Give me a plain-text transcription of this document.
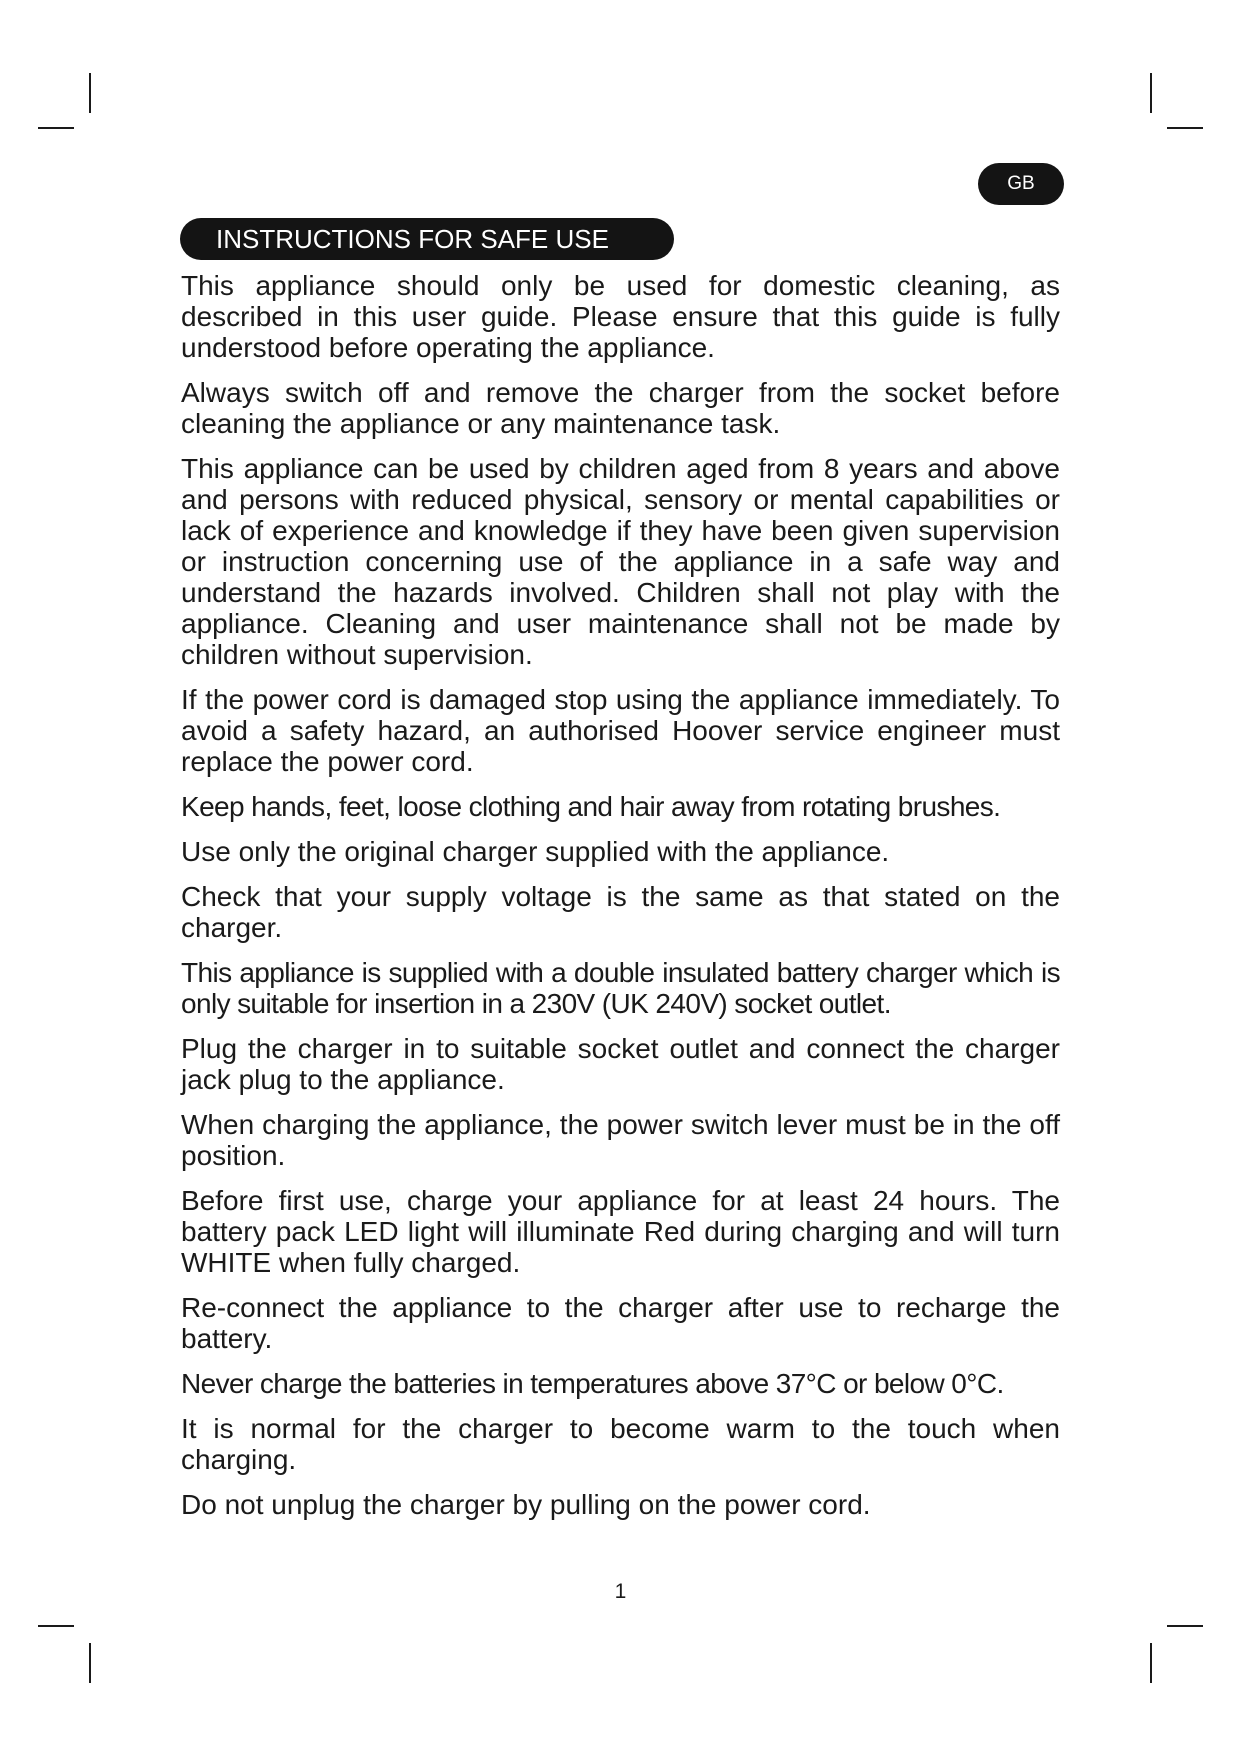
GB
INSTRUCTIONS FOR SAFE USE

This appliance should only be used for domestic cleaning, as described in this user guide. Please ensure that this guide is fully understood before operating the appliance.

Always switch off and remove the charger from the socket before cleaning the appliance or any maintenance task.

This appliance can be used by children aged from 8 years and above and persons with reduced physical, sensory or mental capabilities or lack of experience and knowledge if they have been given supervision or instruction concerning use of the appliance in a safe way and understand the hazards involved. Children shall not play with the appliance. Cleaning and user maintenance shall not be made by children without supervision.

If the power cord is damaged stop using the appliance immediately. To avoid a safety hazard, an authorised Hoover service engineer must replace the power cord.

Keep hands, feet, loose clothing and hair away from rotating brushes.

Use only the original charger supplied with the appliance.

Check that your supply voltage is the same as that stated on the charger.

This appliance is supplied with a double insulated battery charger which is only suitable for insertion in a 230V (UK 240V) socket outlet.

Plug the charger in to suitable socket outlet and connect the charger jack plug to the appliance.

When charging the appliance, the power switch lever must be in the off position.

Before first use, charge your appliance for at least 24 hours. The battery pack LED light will illuminate Red during charging and will turn WHITE when fully charged.

Re-connect the appliance to the charger after use to recharge the battery.

Never charge the batteries in temperatures above 37°C or below 0°C.

It is normal for the charger to become warm to the touch when charging.

Do not unplug the charger by pulling on the power cord.

1
